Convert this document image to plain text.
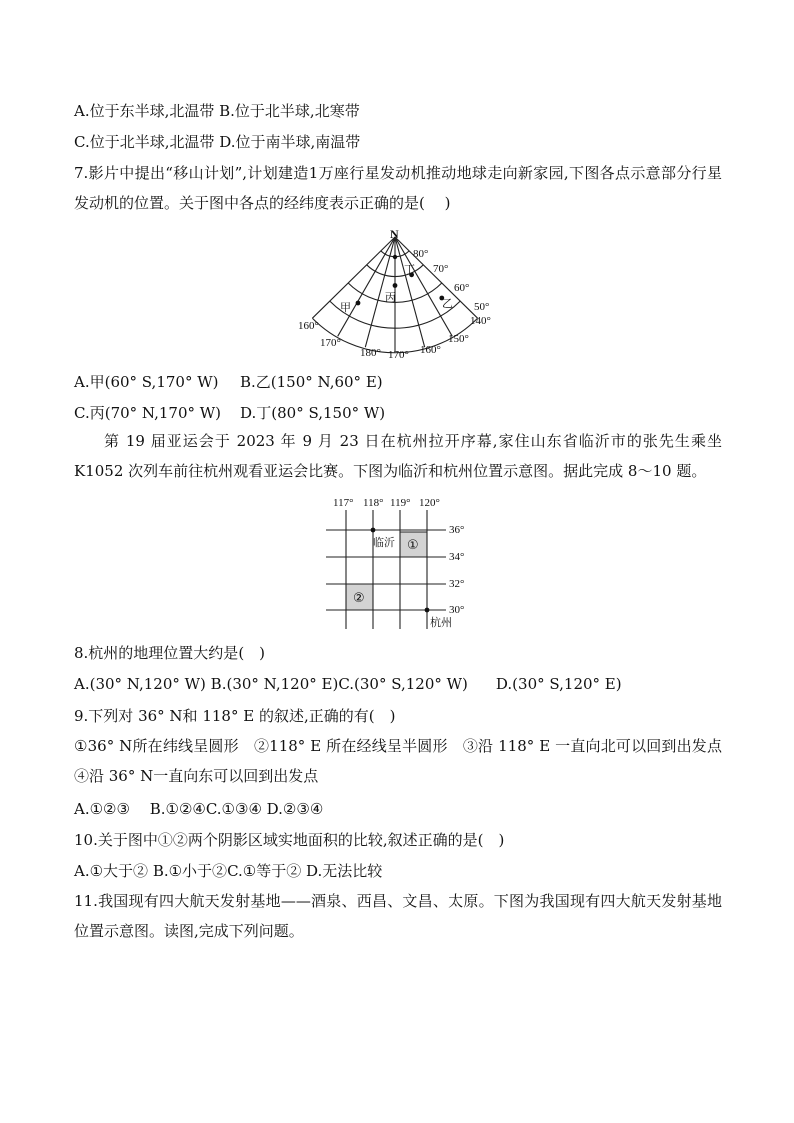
A.位于东半球,北温带 B.位于北半球,北寒带
C.位于北半球,北温带 D.位于南半球,南温带
7.影片中提出“移山计划”,计划建造1万座行星发动机推动地球走向新家园,下图各点示意部分行星发动机的位置。关于图中各点的经纬度表示正确的是(　 )
N
80°
70°
60°
50°
160°
170°
180° 170° 160°
150°
140°
甲
丙	乙
丁
A.甲(60° S,170° W) B.乙(150° N,60° E)
C.丙(70° N,170° W) D.丁(80° S,150° W)
第 19 届亚运会于 2023 年 9 月 23 日在杭州拉开序幕,家住山东省临沂市的张先生乘坐 K1052 次列车前往杭州观看亚运会比赛。下图为临沂和杭州位置示意图。据此完成 8～10 题。
117° 118° 119° 120°
36°
34°
32°
30°
临沂
杭州
①
②
8.杭州的地理位置大约是(　)
A.(30° N,120° W) B.(30° N,120° E)C.(30° S,120° W) D.(30° S,120° E)
9.下列对 36° N和 118° E 的叙述,正确的有(　)
①36° N所在纬线呈圆形　②118° E 所在经线呈半圆形　③沿 118° E 一直向北可以回到出发点　④沿 36° N一直向东可以回到出发点
A.①②③　 B.①②④C.①③④ D.②③④
10.关于图中①②两个阴影区域实地面积的比较,叙述正确的是(　)
A.①大于② B.①小于②C.①等于② D.无法比较
11.我国现有四大航天发射基地——酒泉、西昌、文昌、太原。下图为我国现有四大航天发射基地位置示意图。读图,完成下列问题。
